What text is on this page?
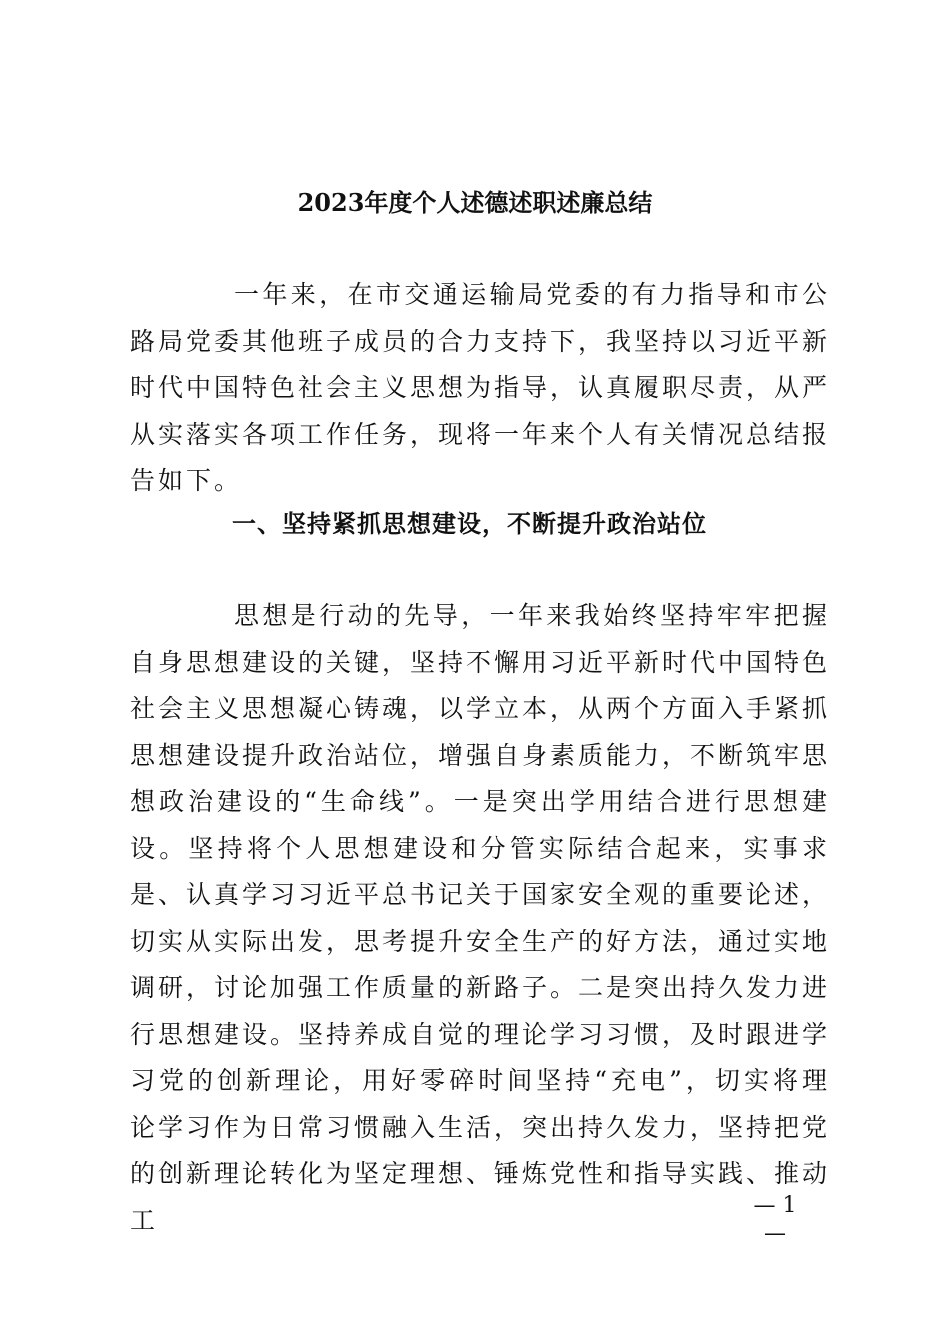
2023年度个人述德述职述廉总结

一年来，在市交通运输局党委的有力指导和市公路局党委其他班子成员的合力支持下，我坚持以习近平新时代中国特色社会主义思想为指导，认真履职尽责，从严从实落实各项工作任务，现将一年来个人有关情况总结报告如下。

一、坚持紧抓思想建设，不断提升政治站位

思想是行动的先导，一年来我始终坚持牢牢把握自身思想建设的关键，坚持不懈用习近平新时代中国特色社会主义思想凝心铸魂，以学立本，从两个方面入手紧抓思想建设提升政治站位，增强自身素质能力，不断筑牢思想政治建设的“生命线”。一是突出学用结合进行思想建设。坚持将个人思想建设和分管实际结合起来，实事求是、认真学习习近平总书记关于国家安全观的重要论述，切实从实际出发，思考提升安全生产的好方法，通过实地调研，讨论加强工作质量的新路子。二是突出持久发力进行思想建设。坚持养成自觉的理论学习习惯，及时跟进学习党的创新理论，用好零碎时间坚持“充电”，切实将理论学习作为日常习惯融入生活，突出持久发力，坚持把党的创新理论转化为坚定理想、锤炼党性和指导实践、推动工	— 1 —
